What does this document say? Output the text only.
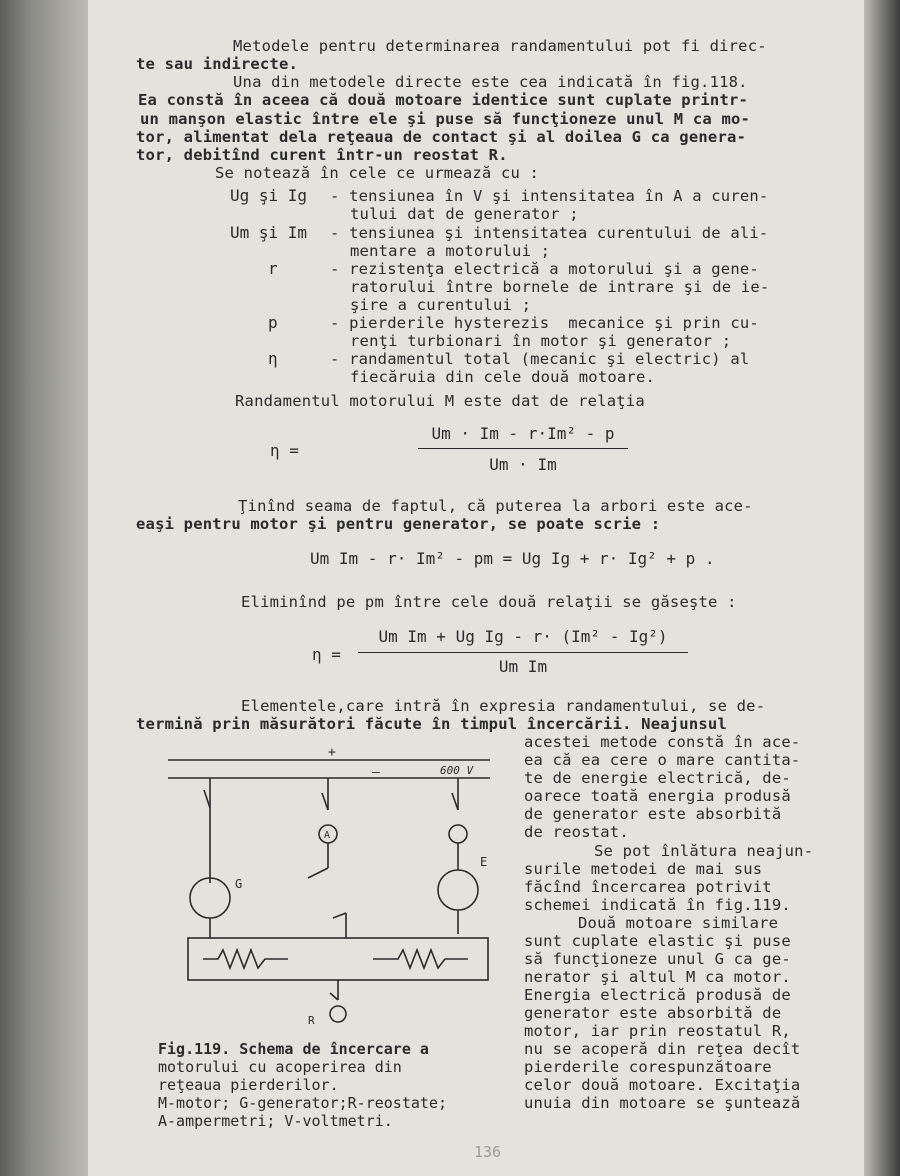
Metodele pentru determinarea randamentului pot fi direc-
te sau indirecte.
Una din metodele directe este cea indicată în fig.118.
Ea constă în aceea că două motoare identice sunt cuplate printr-
un manşon elastic între ele şi puse să funcţioneze unul M ca mo-
tor, alimentat dela reţeaua de contact şi al doilea G ca genera-
tor, debitînd curent într-un reostat R.
Se notează în cele ce urmează cu :
Ug şi Ig - tensiunea în V şi intensitatea în A a curen-
tului dat de generator ;
Um şi Im - tensiunea şi intensitatea curentului de ali-
mentare a motorului ;
r	- rezistenţa electrică a motorului şi a gene-
ratorului între bornele de intrare şi de ie-
şire a curentului ;
p	- pierderile hysterezis  mecanice şi prin cu-
renţi turbionari în motor şi generator ;
η	- randamentul total (mecanic şi electric) al
fiecăruia din cele două motoare.
Randamentul motorului M este dat de relaţia
η =
Um · Im - r·Im² - p
Um · Im
Ţinînd seama de faptul, că puterea la arbori este ace-
eaşi pentru motor şi pentru generator, se poate scrie :
Um Im - r· Im² - pm = Ug Ig + r· Ig² + p .
Eliminînd pe pm între cele două relaţii se găseşte :
η =
Um Im + Ug Ig - r· (Im² - Ig²)
Um Im
Elementele,care intră în expresia randamentului, se de-
termină prin măsurători făcute în timpul încercării. Neajunsul
acestei metode constă în ace-
ea că ea cere o mare cantita-
te de energie electrică, de-
oarece toată energia produsă
de generator este absorbită
de reostat.
Se pot înlătura neajun-
surile metodei de mai sus
făcînd încercarea potrivit
schemei indicată în fig.119.
Două motoare similare
sunt cuplate elastic şi puse
să funcţioneze unul G ca ge-
nerator şi altul M ca motor.
Energia electrică produsă de
generator este absorbită de
motor, iar prin reostatul R,
nu se acoperă din reţea decît
pierderile corespunzătoare
celor două motoare. Excitaţia
unuia din motoare se şuntează
+
—	600 V
G
A
E
R
Fig.119. Schema de încercare a
motorului cu acoperirea din
reţeaua pierderilor.
M-motor; G-generator;R-reostate;
A-ampermetri; V-voltmetri.
136
